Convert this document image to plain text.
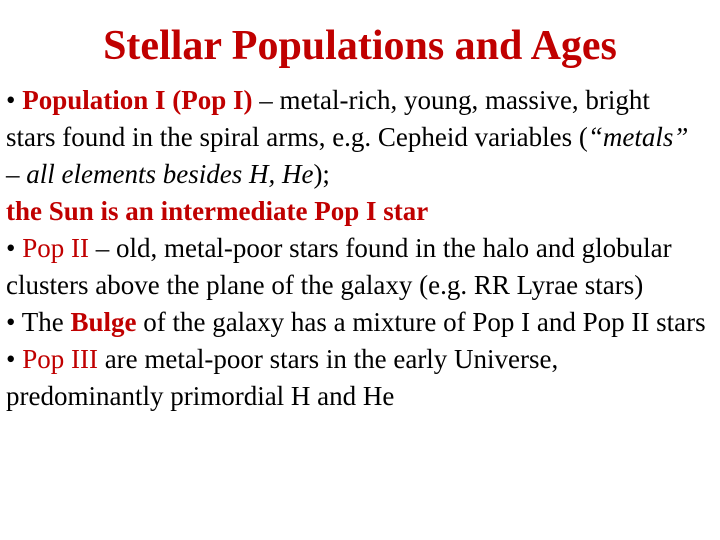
Stellar Populations and Ages

• Population I (Pop I) – metal-rich, young, massive, bright stars found in the spiral arms, e.g. Cepheid variables (“metals” – all elements besides H, He);
the Sun is an intermediate Pop I star

• Pop II – old, metal-poor stars found in the halo and globular clusters above the plane of the galaxy (e.g. RR Lyrae stars)

• The Bulge of the galaxy has a mixture of Pop I and Pop II stars

• Pop III are metal-poor stars in the early Universe, predominantly primordial H and He
